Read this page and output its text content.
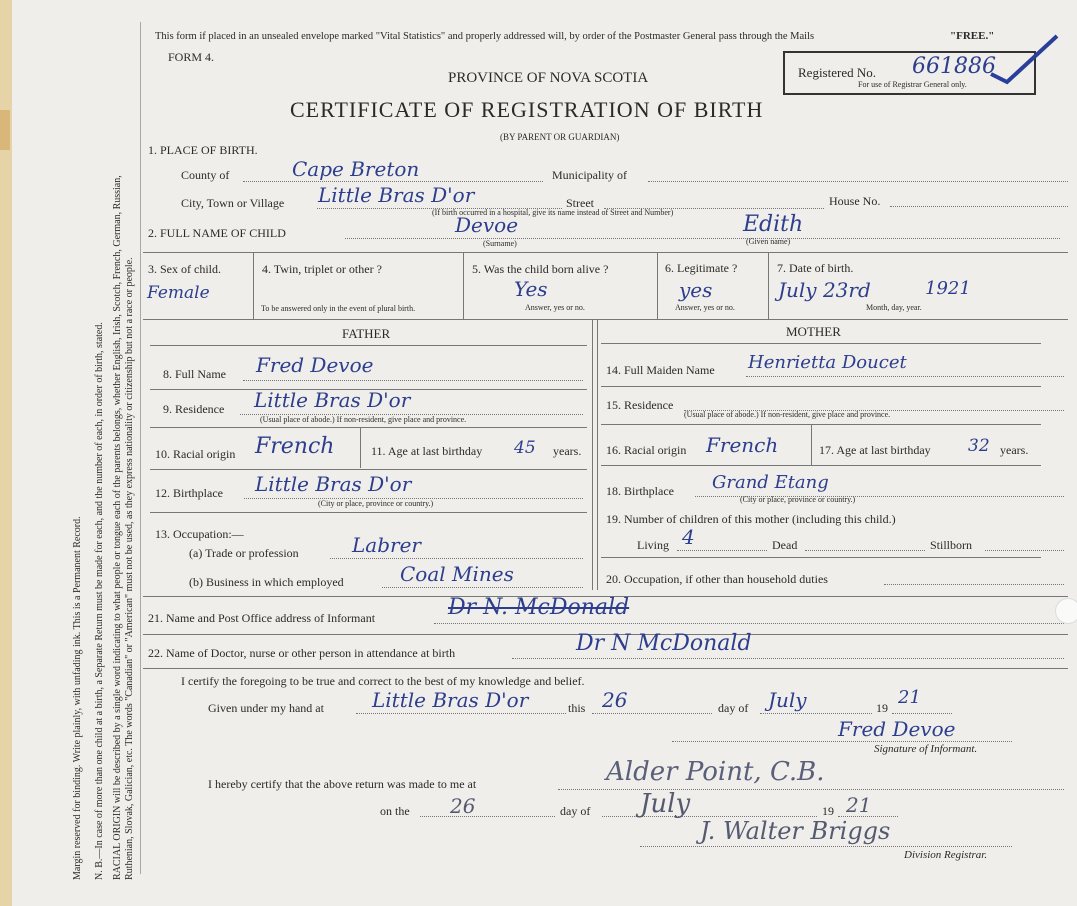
Margin reserved for binding. Write plainly, with unfading ink. This is a Permanent Record. N. B.—In case of more than one child at a birth, a Separate Return must be made for each, and the number of each, in order of birth, stated. RACIAL ORIGIN will be described by a single word indicating to what people or tongue each of the parents belongs, whether English, Irish, Scotch, French, German, Russian, Ruthenian, Slovak, Galician, etc. The words "Canadian" or "American" must not be used, as they express nationality or citizenship but not a race or people.
This form if placed in an unsealed envelope marked "Vital Statistics" and properly addressed will, by order of the Postmaster General pass through the Mails	"FREE."
FORM 4.
PROVINCE OF NOVA SCOTIA
CERTIFICATE OF REGISTRATION OF BIRTH
(BY PARENT OR GUARDIAN)
Registered No. 661886
For use of Registrar General only.
1. PLACE OF BIRTH.
County of	Cape Breton	Municipality of
City, Town or Village Little Bras D'or	Street	House No.
(If birth occurred in a hospital, give its name instead of Street and Number)
2. FULL NAME OF CHILD	Devoe
(Surname)
Edith
(Given name)
3. Sex of child.
Female
4. Twin, triplet or other ?
To be answered only in the event of plural birth.
5. Was the child born alive ?
Yes
Answer, yes or no.
6. Legitimate ?
yes
Answer, yes or no.
7. Date of birth.
July 23rd	1921
Month, day, year.
FATHER	MOTHER
8. Full Name Fred Devoe
9. Residence Little Bras D'or
(Usual place of abode.) If non-resident, give place and province.
10. Racial origin French	11. Age at last birthday 45 years.
12. Birthplace Little Bras D'or
(City or place, province or country.)
13. Occupation:—
(a) Trade or profession	Labrer
(b) Business in which employed	Coal Mines
14. Full Maiden Name Henrietta Doucet
15. Residence
(Usual place of abode.) If non-resident, give place and province.
16. Racial origin French	17. Age at last birthday 32 years.
18. Birthplace Grand Etang
(City or place, province or country.)
19. Number of children of this mother (including this child.)
Living 4	Dead	Stillborn
20. Occupation, if other than household duties
21. Name and Post Office address of Informant	Dr N. McDonald
22. Name of Doctor, nurse or other person in attendance at birth	Dr N McDonald
I certify the foregoing to be true and correct to the best of my knowledge and belief.
Given under my hand at Little Bras D'or	this 26	day of July	19 21
Fred Devoe
Signature of Informant.
I hereby certify that the above return was made to me at	Alder Point, C.B.
on the 26	day of July	19 21
J. Walter Briggs
Division Registrar.
